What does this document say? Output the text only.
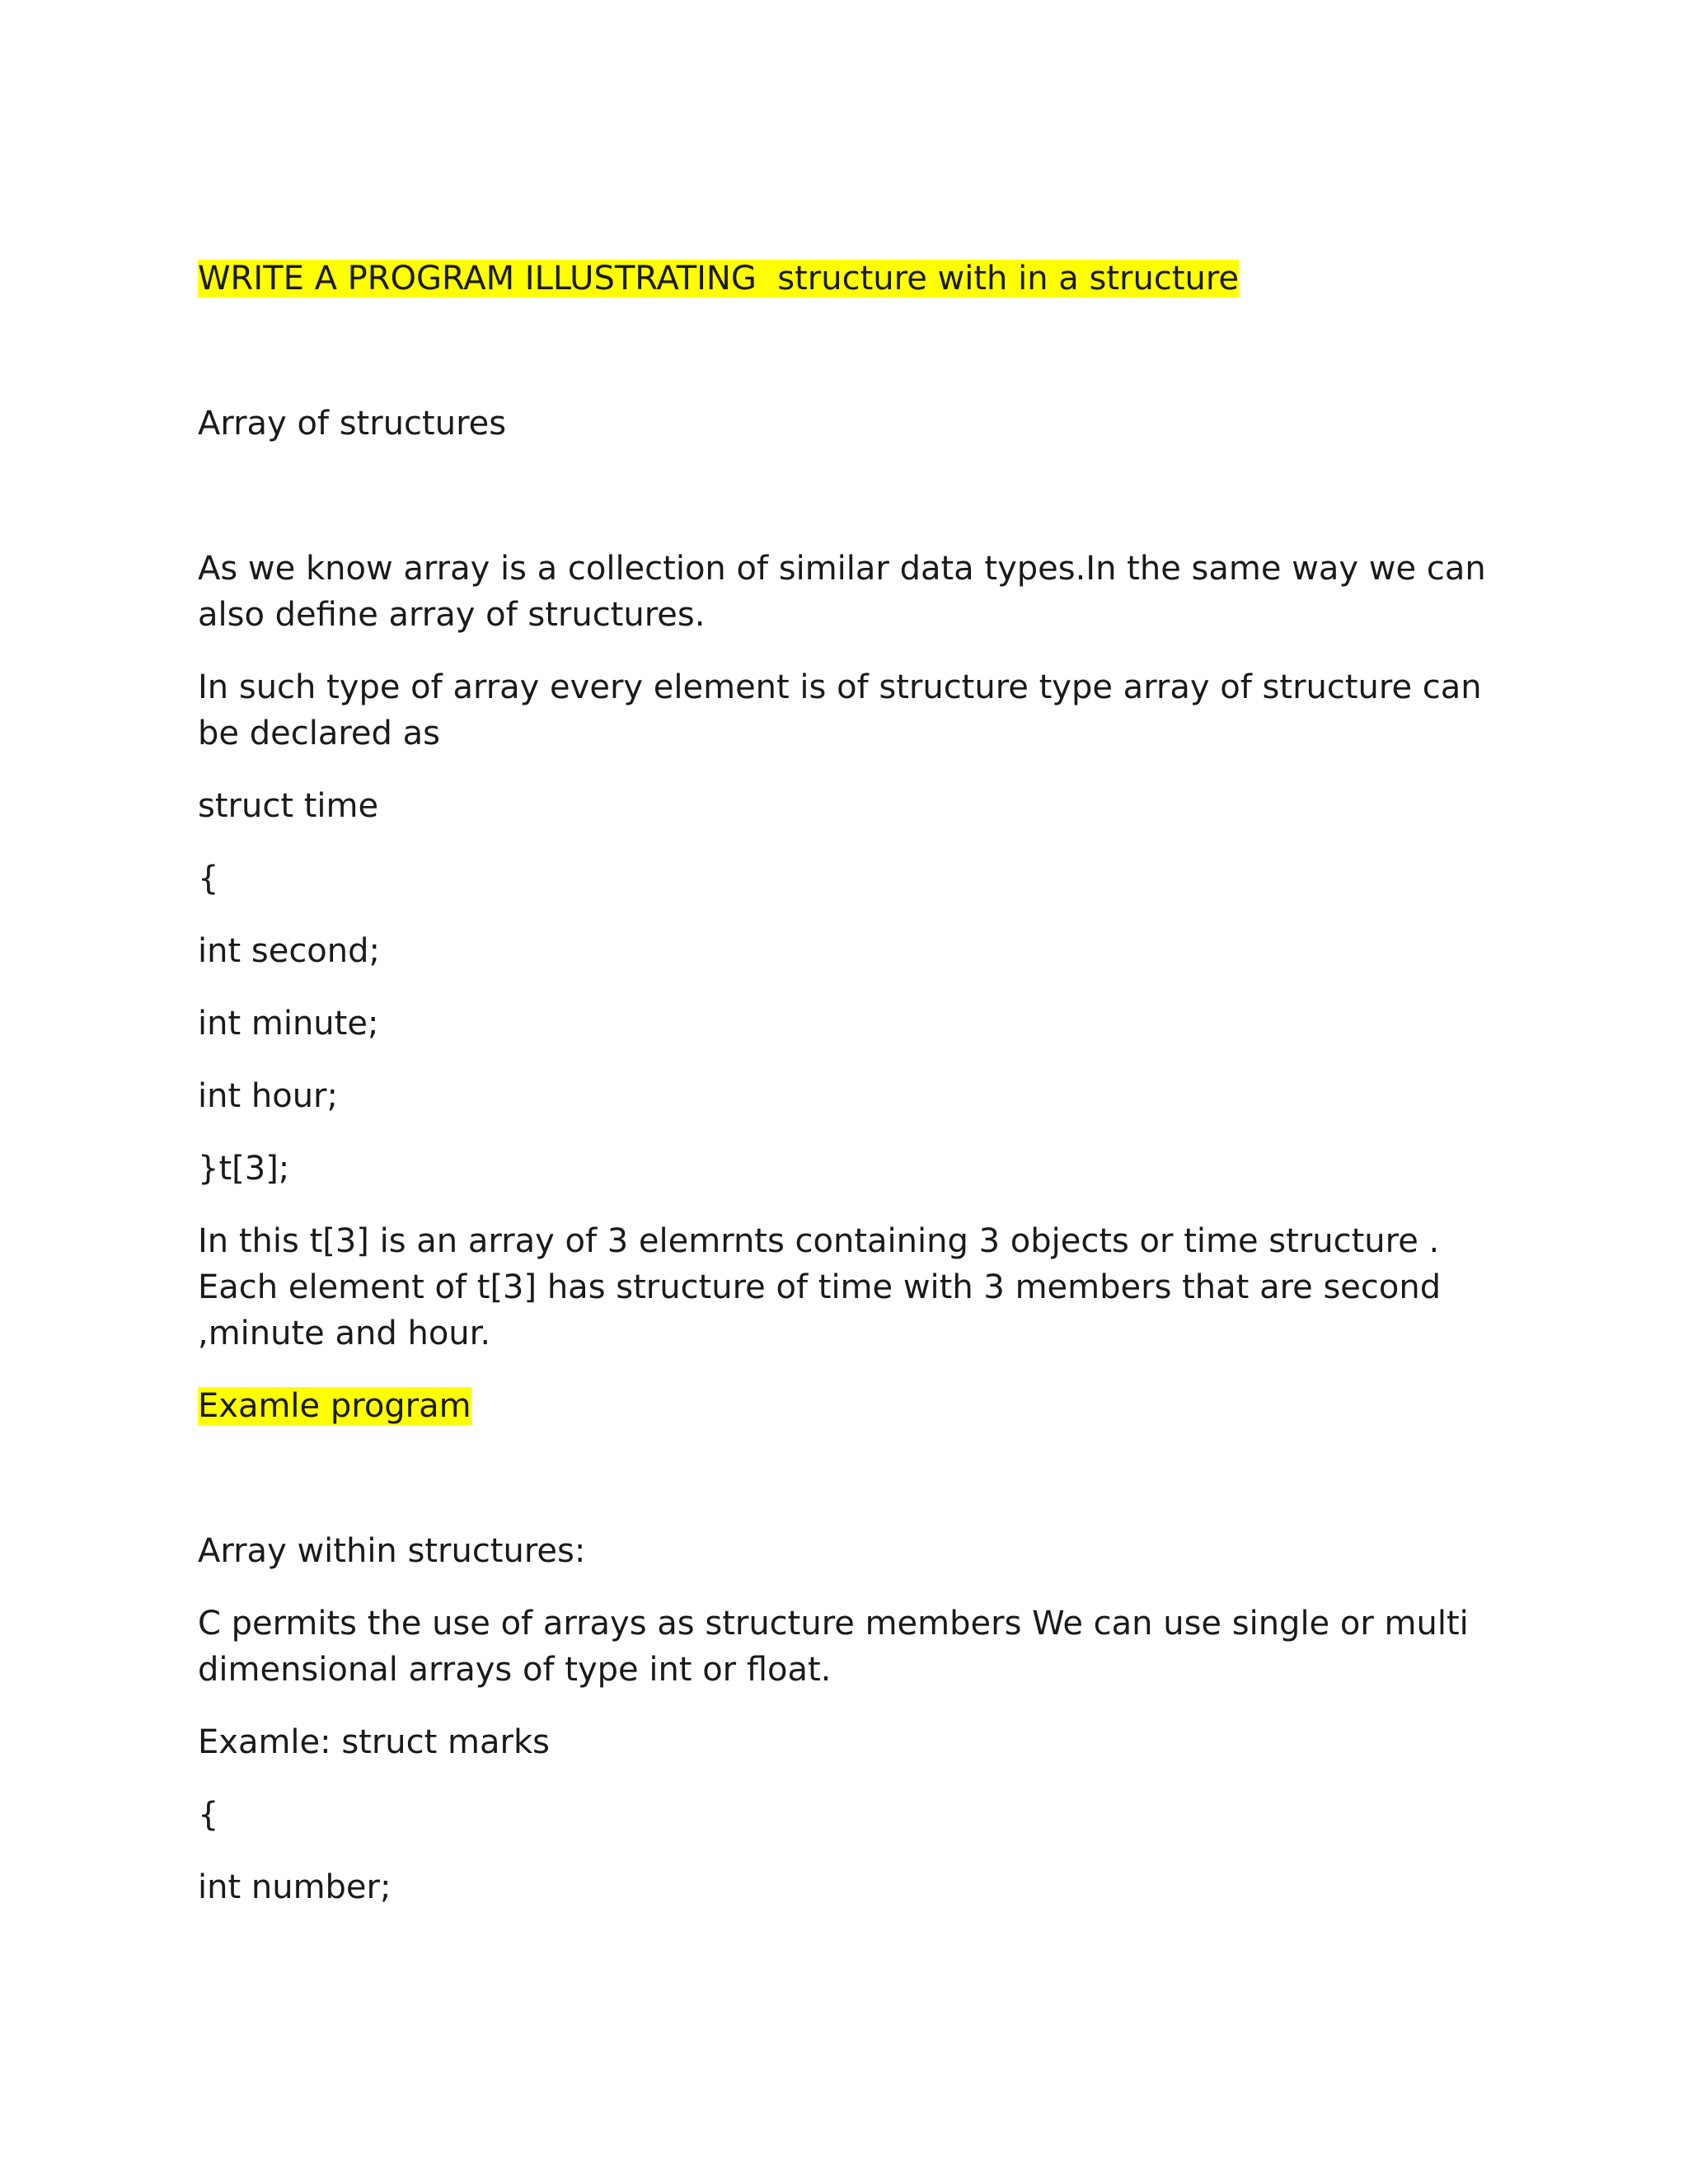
WRITE A PROGRAM ILLUSTRATING  structure with in a structure

Array of structures

As we know array is a collection of similar data types.In the same way we can also define array of structures.

In such type of array every element is of structure type array of structure can be declared as

struct time

{

int second;

int minute;

int hour;

}t[3];

In this t[3] is an array of 3 elemrnts containing 3 objects or time structure . Each element of t[3] has structure of time with 3 members that are second ,minute and hour.

Examle program

Array within structures:

C permits the use of arrays as structure members We can use single or multi dimensional arrays of type int or float.

Examle: struct marks

{

int number;
